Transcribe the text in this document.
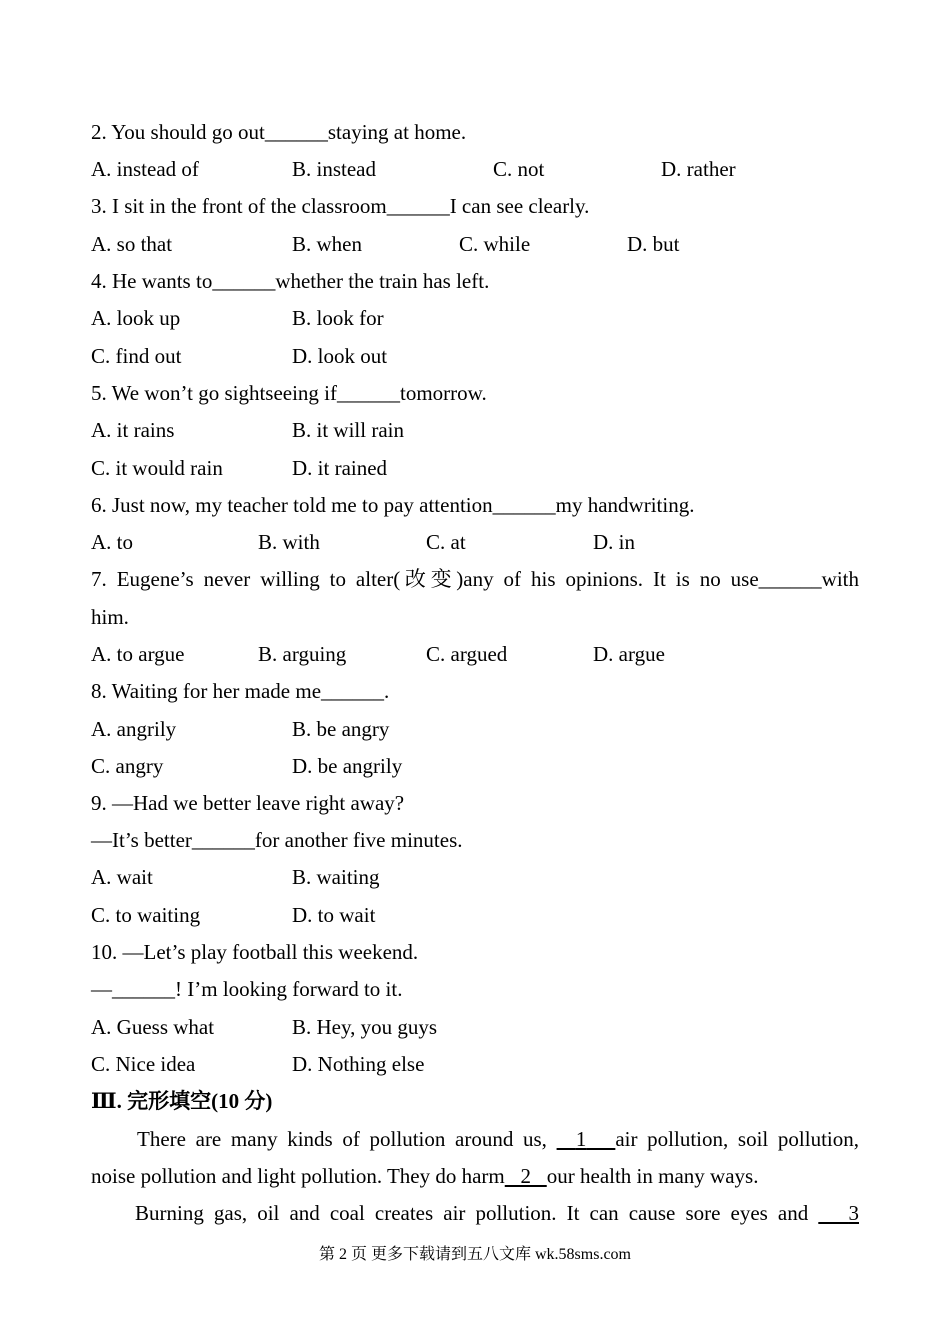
2. You should go out______staying at home.
A. instead of	B. instead	C. not	D. rather
3. I sit in the front of the classroom______I can see clearly.
A. so that	B. when	C. while	D. but
4. He wants to______whether the train has left.
A. look up	B. look for
C. find out	D. look out
5. We won’t go sightseeing if______tomorrow.
A. it rains	B. it will rain
C. it would rain	D. it rained
6. Just now, my teacher told me to pay attention______my handwriting.
A. to	B. with	C. at	D. in
7. Eugene’s never willing to alter(改变)any of his opinions. It is no use______with
him.
A. to argue	B. arguing	C. argued	D. argue
8. Waiting for her made me______.
A. angrily	B. be angry
C. angry	D. be angrily
9. —Had we better leave right away?
—It’s better______for another five minutes.
A. wait	B. waiting
C. to waiting	D. to wait
10. —Let’s play football this weekend.
—______! I’m looking forward to it.
A. Guess what	B. Hey, you guys
C. Nice idea	D. Nothing else
Ⅲ. 完形填空(10 分)
There are many kinds of pollution around us, 1 air pollution, soil pollution,
noise pollution and light pollution. They do harm 2 our health in many ways.
Burning gas, oil and coal creates air pollution. It can cause sore eyes and 3
第 2 页 更多下载请到五八文库 wk.58sms.com
